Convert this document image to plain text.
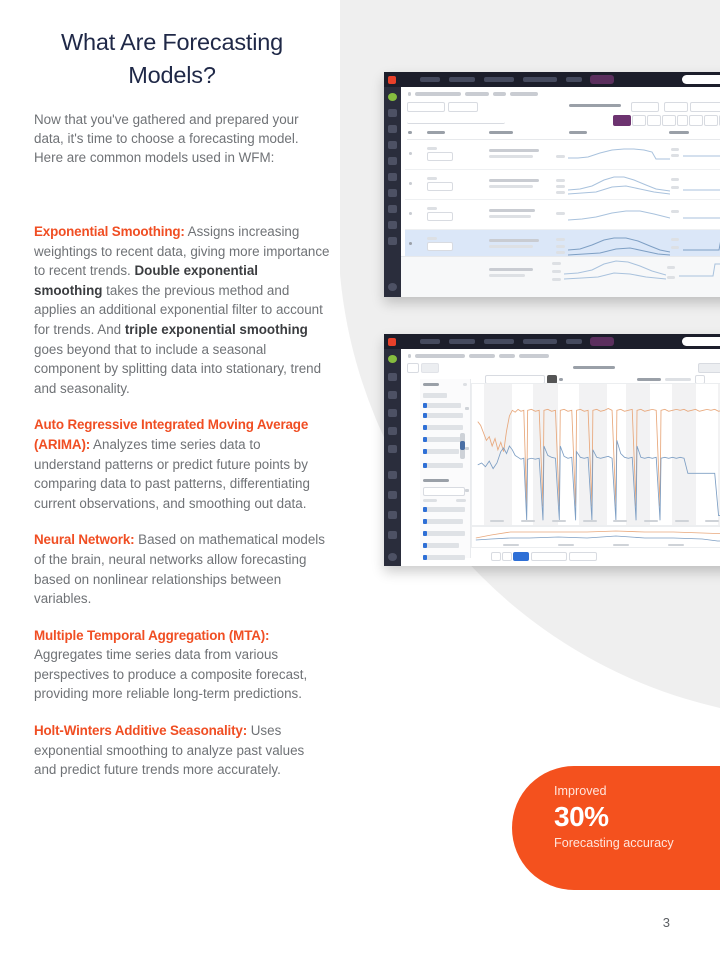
What Are Forecasting Models?
Now that you've gathered and prepared your data, it's time to choose a forecasting model. Here are common models used in WFM:

Exponential Smoothing: Assigns increasing weightings to recent data, giving more importance to recent trends. Double exponential smoothing takes the previous method and applies an additional exponential filter to account for trends. And triple exponential smoothing goes beyond that to include a seasonal component by splitting data into stationary, trend and seasonality.

Auto Regressive Integrated Moving Average (ARIMA): Analyzes time series data to understand patterns or predict future points by comparing data to past patterns, differentiating current observations, and smoothing out data.

Neural Network: Based on mathematical models of the brain, neural networks allow forecasting based on nonlinear relationships between variables.

Multiple Temporal Aggregation (MTA): Aggregates time series data from various perspectives to produce a composite forecast, providing more reliable long-term predictions.

Holt-Winters Additive Seasonality: Uses exponential smoothing to analyze past values and predict future trends more accurately.

Improved
30%
Forecasting accuracy
3
